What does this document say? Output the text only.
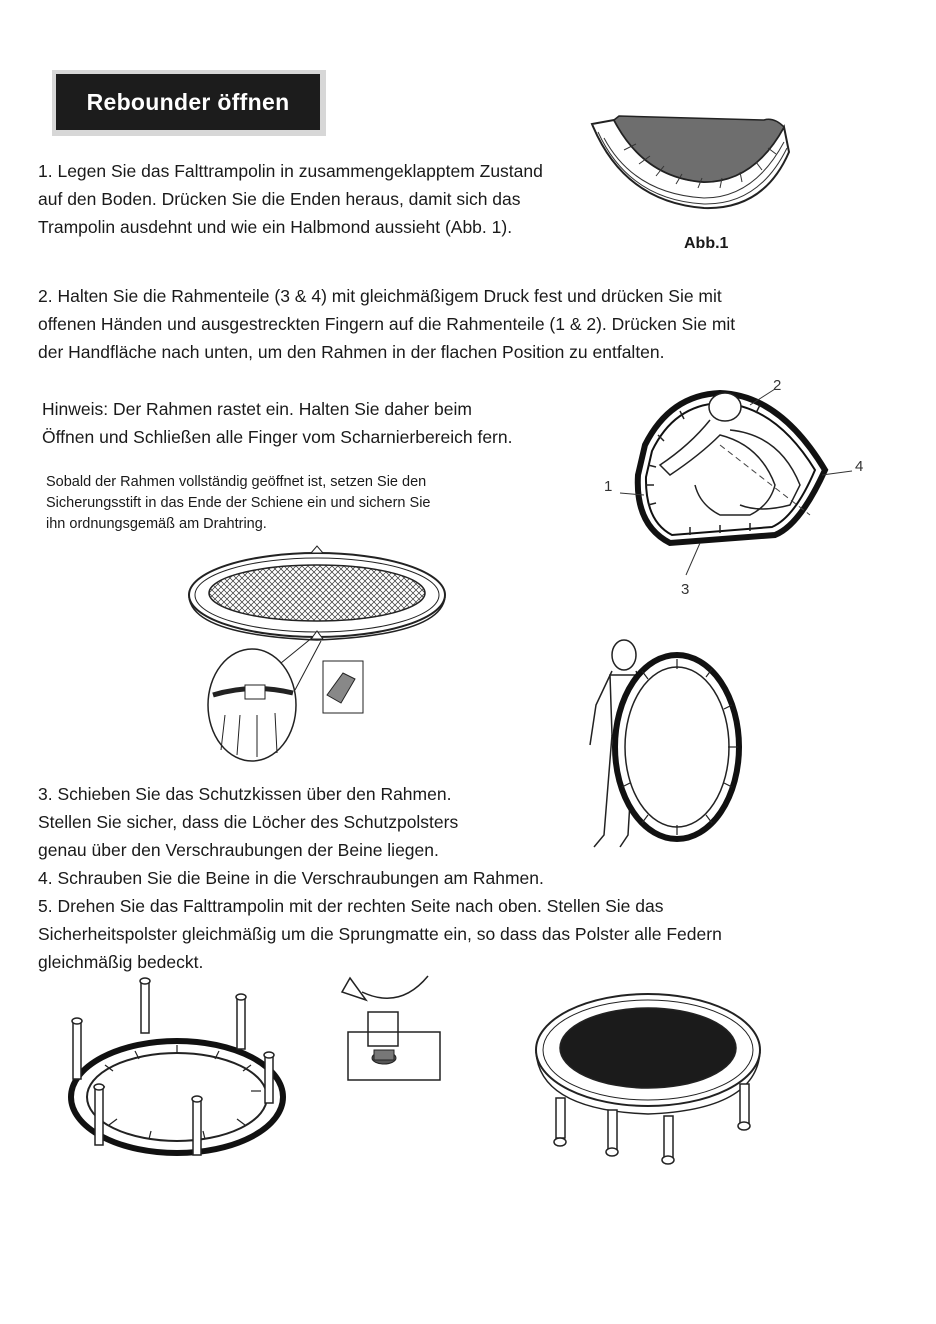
Rebounder öffnen
1. Legen Sie das Falttrampolin in zusammengeklapptem Zustand
auf den Boden. Drücken Sie die Enden heraus, damit sich das
Trampolin ausdehnt und wie ein Halbmond aussieht (Abb. 1).
Abb.1
2. Halten Sie die Rahmenteile (3 & 4) mit gleichmäßigem Druck fest und drücken Sie mit
offenen Händen und ausgestreckten Fingern auf die Rahmenteile (1 & 2). Drücken Sie mit
der Handfläche nach unten, um den Rahmen in der flachen Position zu entfalten.
Hinweis: Der Rahmen rastet ein. Halten Sie daher beim
Öffnen und Schließen alle Finger vom Scharnierbereich fern.
Sobald der Rahmen vollständig geöffnet ist, setzen Sie den
Sicherungsstift in das Ende der Schiene ein und sichern Sie
ihn ordnungsgemäß am Drahtring.
1
2
3
4
3. Schieben Sie das Schutzkissen über den Rahmen.
Stellen Sie sicher, dass die Löcher des Schutzpolsters
genau über den Verschraubungen der Beine liegen.
4. Schrauben Sie die Beine in die Verschraubungen am Rahmen.
5. Drehen Sie das Falttrampolin mit der rechten Seite nach oben. Stellen Sie das
Sicherheitspolster gleichmäßig um die Sprungmatte ein, so dass das Polster alle Federn
gleichmäßig bedeckt.
